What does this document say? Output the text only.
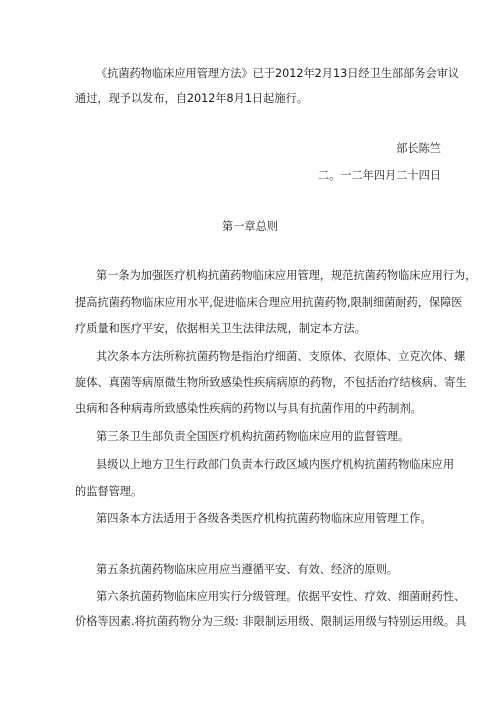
《抗菌药物临床应用管理方法》已于2012年2月13日经卫生部部务会审议
通过，现予以发布，自2012年8月1日起施行。
部长陈竺
二。一二年四月二十四日
第一章总则
第一条为加强医疗机构抗菌药物临床应用管理，规范抗菌药物临床应用行为，
提高抗菌药物临床应用水平,促进临床合理应用抗菌药物,限制细菌耐药，保障医
疗质量和医疗平安，依据相关卫生法律法规，制定本方法。
其次条本方法所称抗菌药物是指治疗细菌、支原体、衣原体、立克次体、螺
旋体、真菌等病原微生物所致感染性疾病病原的药物，不包括治疗结核病、寄生
虫病和各种病毒所致感染性疾病的药物以与具有抗菌作用的中药制剂。
第三条卫生部负责全国医疗机构抗菌药物临床应用的监督管理。
县级以上地方卫生行政部门负责本行政区域内医疗机构抗菌药物临床应用
的监督管理。
第四条本方法适用于各级各类医疗机构抗菌药物临床应用管理工作。
第五条抗菌药物临床应用应当遵循平安、有效、经济的原则。
第六条抗菌药物临床应用实行分级管理。依据平安性、疗效、细菌耐药性、
价格等因素.将抗菌药物分为三级: 非限制运用级、限制运用级与特别运用级。具
